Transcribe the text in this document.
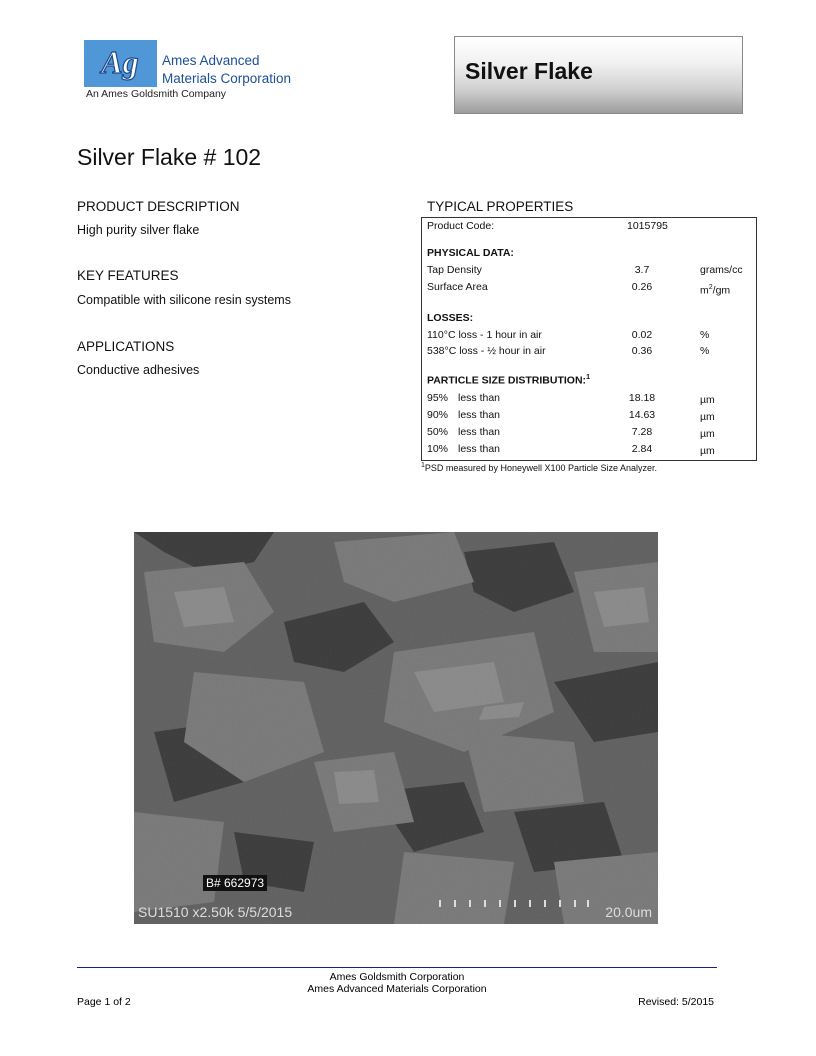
Ag Ames Advanced
Materials Corporation
An Ames Goldsmith Company
Silver Flake
Silver Flake # 102
PRODUCT DESCRIPTION
High purity silver flake
KEY FEATURES
Compatible with silicone resin systems
APPLICATIONS
Conductive adhesives
TYPICAL PROPERTIES
Product Code:	1015795
PHYSICAL DATA:
Tap Density	3.7	grams/cc
Surface Area	0.26	$m^2/gm$
LOSSES:
110°C loss - 1 hour in air	0.02	%
538°C loss - ½ hour in air	0.36	%
PARTICLE SIZE DISTRIBUTION:$^1$
95% less than	18.18	µm
90% less than	14.63	µm
50% less than	7.28	µm
10% less than	2.84	µm
$^1$PSD measured by Honeywell X100 Particle Size Analyzer.
B# 662973
SU1510 x2.50k 5/5/2015	20.0um
Ames Goldsmith Corporation
Ames Advanced Materials Corporation
Page 1 of 2	Revised: 5/2015
